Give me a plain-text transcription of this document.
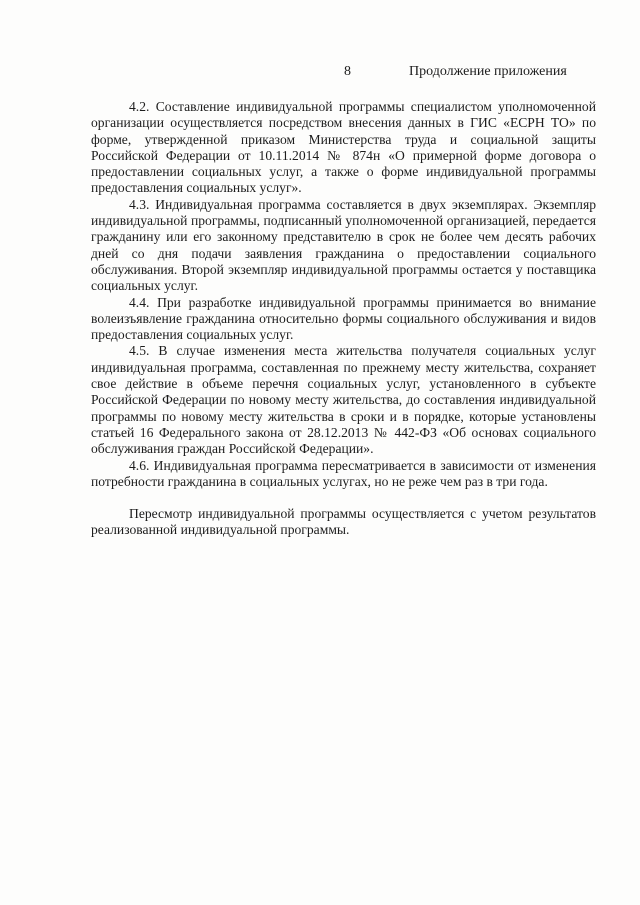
8	Продолжение приложения

4.2. Составление индивидуальной программы специалистом уполномоченной организации осуществляется посредством внесения данных в ГИС «ЕСРН ТО» по форме, утвержденной приказом Министерства труда и социальной защиты Российской Федерации от 10.11.2014 № 874н «О примерной форме договора о предоставлении социальных услуг, а также о форме индивидуальной программы предоставления социальных услуг».

4.3. Индивидуальная программа составляется в двух экземплярах. Экземпляр индивидуальной программы, подписанный уполномоченной организацией, передается гражданину или его законному представителю в срок не более чем десять рабочих дней со дня подачи заявления гражданина о предоставлении социального обслуживания. Второй экземпляр индивидуальной программы остается у поставщика социальных услуг.

4.4. При разработке индивидуальной программы принимается во внимание волеизъявление гражданина относительно формы социального обслуживания и видов предоставления социальных услуг.

4.5. В случае изменения места жительства получателя социальных услуг индивидуальная программа, составленная по прежнему месту жительства, сохраняет свое действие в объеме перечня социальных услуг, установленного в субъекте Российской Федерации по новому месту жительства, до составления индивидуальной программы по новому месту жительства в сроки и в порядке, которые установлены статьей 16 Федерального закона от 28.12.2013 № 442-ФЗ «Об основах социального обслуживания граждан Российской Федерации».

4.6. Индивидуальная программа пересматривается в зависимости от изменения потребности гражданина в социальных услугах, но не реже чем раз в три года.

Пересмотр индивидуальной программы осуществляется с учетом результатов реализованной индивидуальной программы.
